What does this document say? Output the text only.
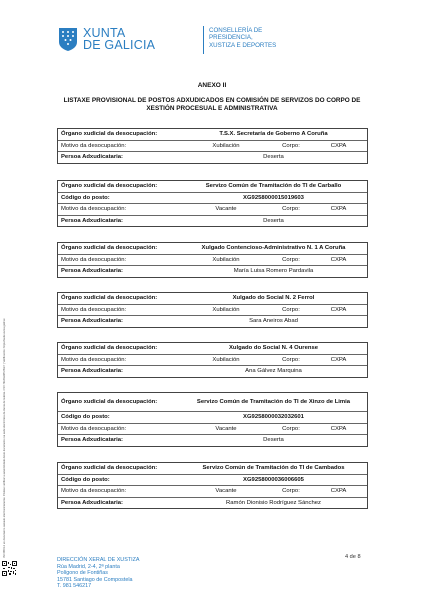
XUNTA
DE GALICIA
CONSELLERÍA DE
PRESIDENCIA,
XUSTIZA E DEPORTES
ANEXO II
LISTAXE PROVISIONAL DE POSTOS ADXUDICADOS EN COMISIÓN DE SERVIZOS DO CORPO DE XESTIÓN PROCESUAL E ADMINISTRATIVA
Órgano xudicial da desocupación:	T.S.X. Secretaría de Goberno A Coruña
Motivo da desocupación:	Xubilación	Corpo:	CXPA
Persoa Adxudicataria:	Deserta
Órgano xudicial da desocupación:	Servizo Común de Tramitación do TI de Carballo
Código do posto:	XG9258000015019603
Motivo da desocupación:	Vacante	Corpo:	CXPA
Persoa Adxudicataria:	Deserta
Órgano xudicial da desocupación:	Xulgado Contencioso-Administrativo N. 1 A Coruña
Motivo da desocupación:	Xubilación	Corpo:	CXPA
Persoa Adxudicataria:	María Luisa Romero Pardavila
Órgano xudicial da desocupación:	Xulgado do Social N. 2 Ferrol
Motivo da desocupación:	Xubilación	Corpo:	CXPA
Persoa Adxudicataria:	Sara Aneiros Abad
Órgano xudicial da desocupación:	Xulgado do Social N. 4 Ourense
Motivo da desocupación:	Xubilación	Corpo:	CXPA
Persoa Adxudicataria:	Ana Gálvez Marquina
Órgano xudicial da desocupación:	Servizo Común de Tramitación do TI de Xinzo de Limia
Código do posto:	XG9258000032032601
Motivo da desocupación:	Vacante	Corpo:	CXPA
Persoa Adxudicataria:	Deserta
Órgano xudicial da desocupación:	Servizo Común de Tramitación do TI de Cambados
Código do posto:	XG9258000036006605
Motivo da desocupación:	Vacante	Corpo:	CXPA
Persoa Adxudicataria:	Ramón Dionisio Rodríguez Sánchez
ISO 8601 é un documento asinado electronicamente. Pódese verificar a autenticidade deste documento na sede electrónica da Xunta de Galicia. CSV: 5bcf0e4ff7253c7 | Verificación: https://sede.xunta.gal/cve
DIRECCIÓN XERAL DE XUSTIZA
Rúa Madrid, 2-4, 2ª planta
Polígono de Fontiñas
15781 Santiago de Compostela
T. 981 546217
4 de 8
